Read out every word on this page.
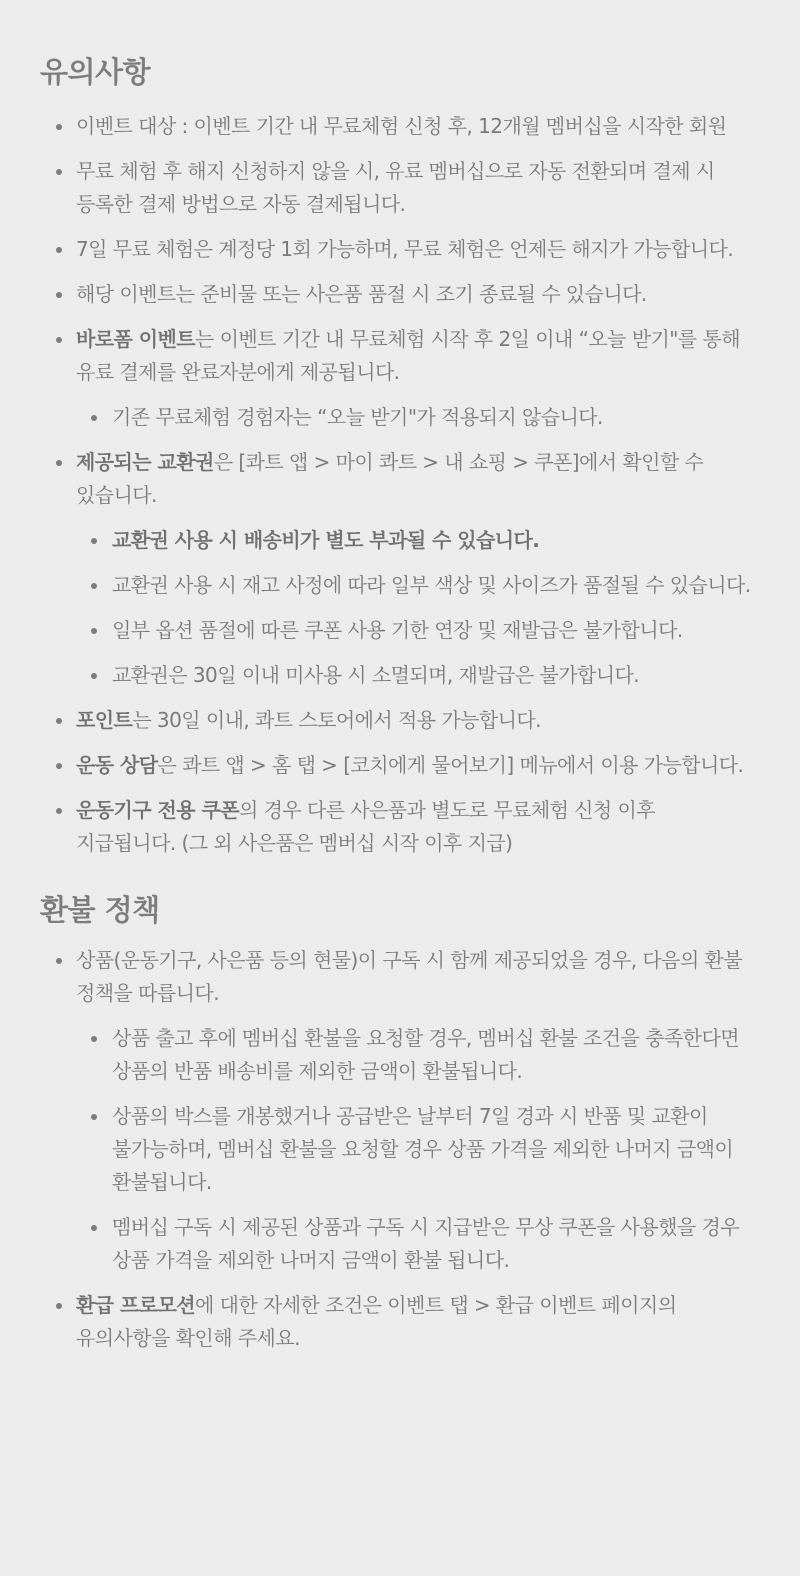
유의사항
이벤트 대상 : 이벤트 기간 내 무료체험 신청 후, 12개월 멤버십을 시작한 회원
무료 체험 후 해지 신청하지 않을 시, 유료 멤버십으로 자동 전환되며 결제 시 등록한 결제 방법으로 자동 결제됩니다.
7일 무료 체험은 계정당 1회 가능하며, 무료 체험은 언제든 해지가 가능합니다.
해당 이벤트는 준비물 또는 사은품 품절 시 조기 종료될 수 있습니다.
바로폼 이벤트는 이벤트 기간 내 무료체험 시작 후 2일 이내 “오늘 받기"를 통해 유료 결제를 완료자분에게 제공됩니다.
기존 무료체험 경험자는 “오늘 받기"가 적용되지 않습니다.
제공되는 교환권은 [콰트 앱 > 마이 콰트 > 내 쇼핑 > 쿠폰]에서 확인할 수 있습니다.
교환권 사용 시 배송비가 별도 부과될 수 있습니다.
교환권 사용 시 재고 사정에 따라 일부 색상 및 사이즈가 품절될 수 있습니다.
일부 옵션 품절에 따른 쿠폰 사용 기한 연장 및 재발급은 불가합니다.
교환권은 30일 이내 미사용 시 소멸되며, 재발급은 불가합니다.
포인트는 30일 이내, 콰트 스토어에서 적용 가능합니다.
운동 상담은 콰트 앱 > 홈 탭 > [코치에게 물어보기] 메뉴에서 이용 가능합니다.
운동기구 전용 쿠폰의 경우 다른 사은품과 별도로 무료체험 신청 이후 지급됩니다. (그 외 사은품은 멤버십 시작 이후 지급)
환불 정책
상품(운동기구, 사은품 등의 현물)이 구독 시 함께 제공되었을 경우, 다음의 환불 정책을 따릅니다.
상품 출고 후에 멤버십 환불을 요청할 경우, 멤버십 환불 조건을 충족한다면 상품의 반품 배송비를 제외한 금액이 환불됩니다.
상품의 박스를 개봉했거나 공급받은 날부터 7일 경과 시 반품 및 교환이 불가능하며, 멤버십 환불을 요청할 경우 상품 가격을 제외한 나머지 금액이 환불됩니다.
멤버십 구독 시 제공된 상품과 구독 시 지급받은 무상 쿠폰을 사용했을 경우 상품 가격을 제외한 나머지 금액이 환불 됩니다.
환급 프로모션에 대한 자세한 조건은 이벤트 탭 > 환급 이벤트 페이지의 유의사항을 확인해 주세요.
